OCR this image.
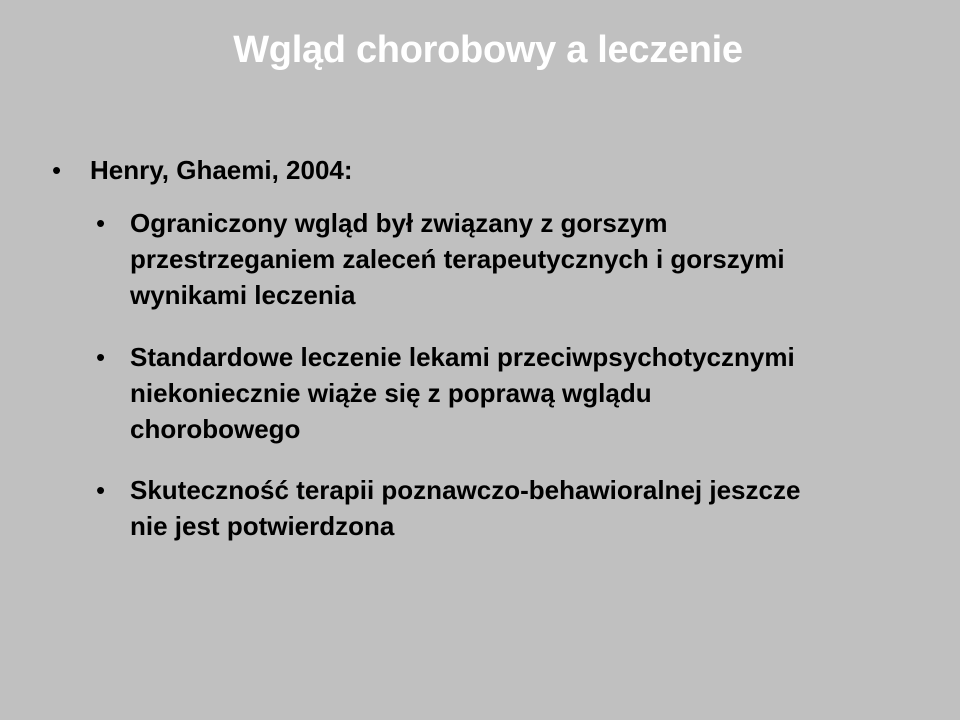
Wgląd chorobowy a leczenie
• Henry, Ghaemi, 2004:
• Ograniczony wgląd był związany z gorszym
przestrzeganiem zaleceń terapeutycznych i gorszymi
wynikami leczenia
• Standardowe leczenie lekami przeciwpsychotycznymi
niekoniecznie wiąże się z poprawą wglądu
chorobowego
• Skuteczność terapii poznawczo-behawioralnej jeszcze
nie jest potwierdzona
